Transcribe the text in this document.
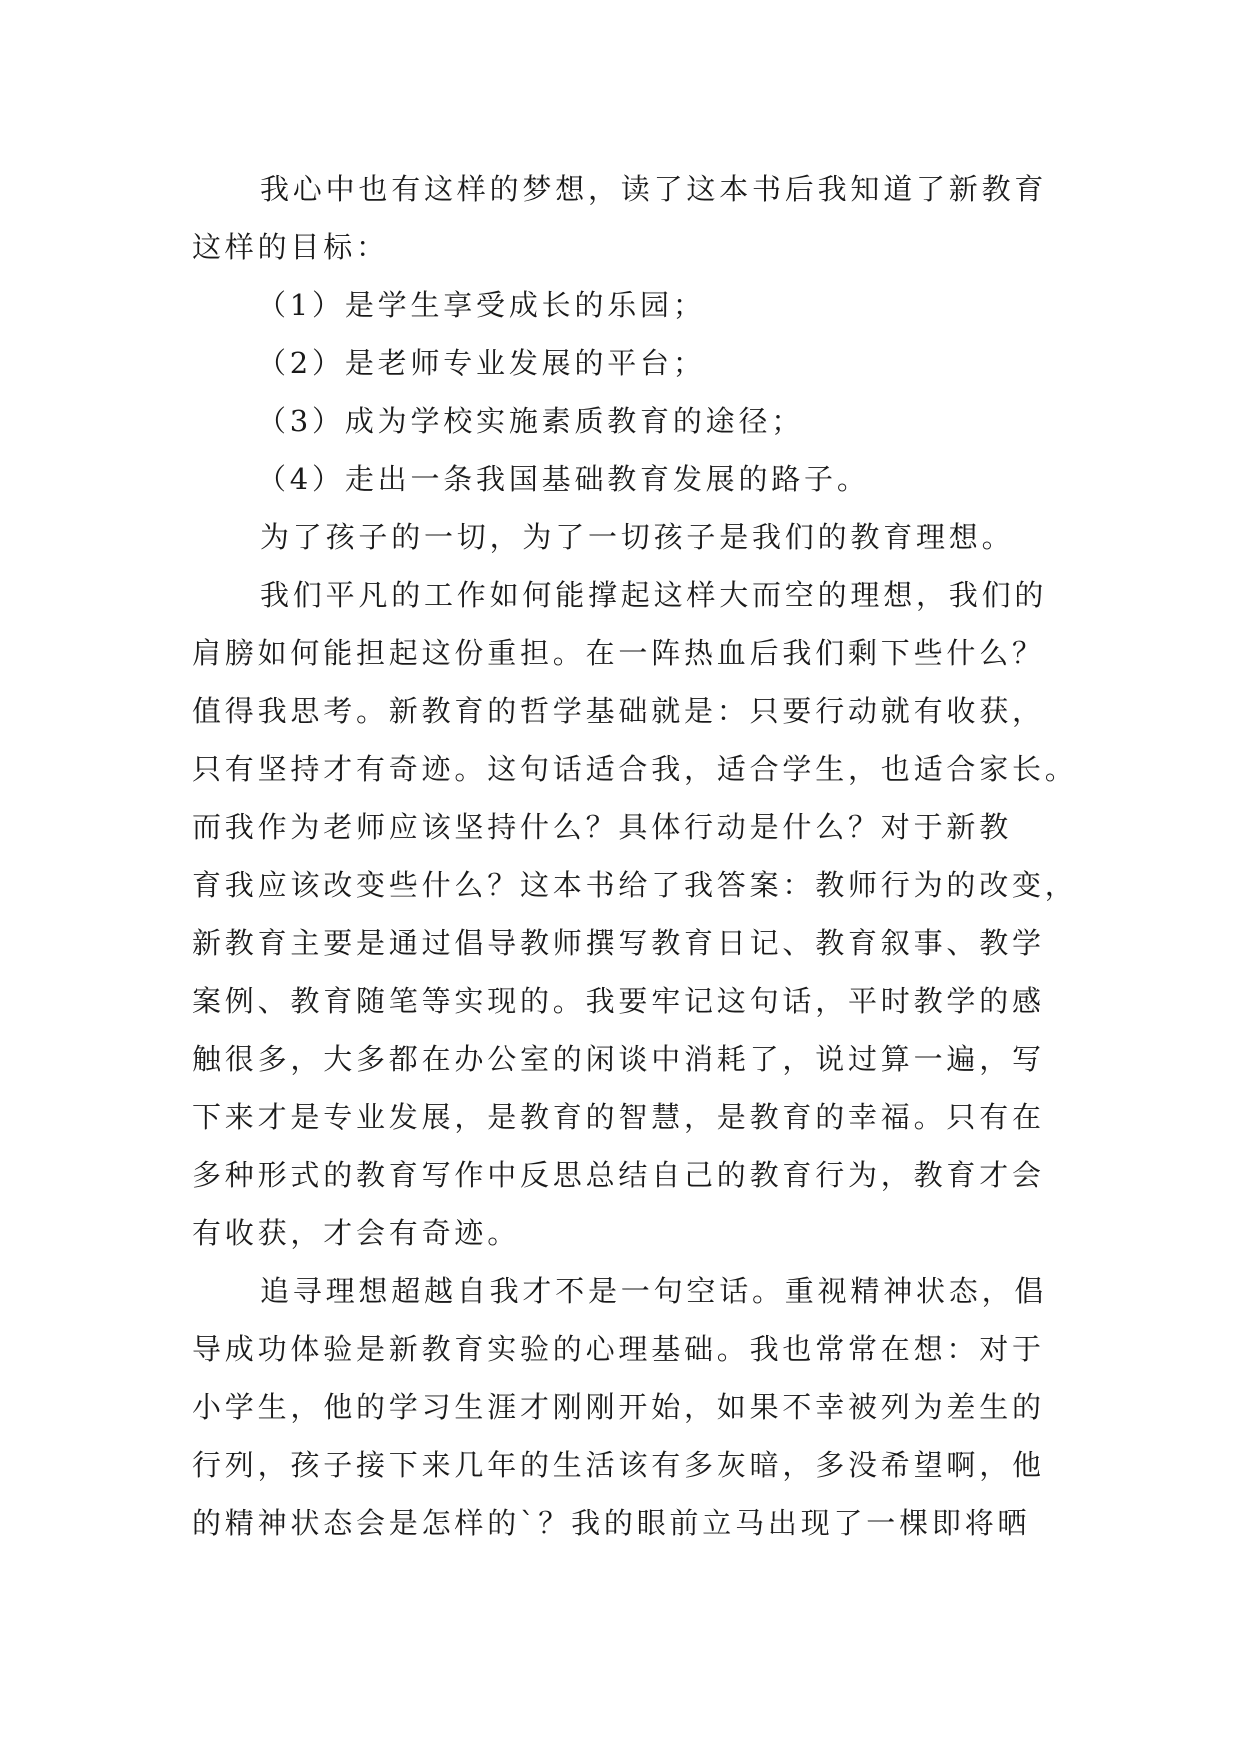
我心中也有这样的梦想，读了这本书后我知道了新教育
这样的目标：
（1）是学生享受成长的乐园；
（2）是老师专业发展的平台；
（3）成为学校实施素质教育的途径；
（4）走出一条我国基础教育发展的路子。
为了孩子的一切，为了一切孩子是我们的教育理想。
我们平凡的工作如何能撑起这样大而空的理想，我们的
肩膀如何能担起这份重担。在一阵热血后我们剩下些什么？
值得我思考。新教育的哲学基础就是：只要行动就有收获，
只有坚持才有奇迹。这句话适合我，适合学生，也适合家长。
而我作为老师应该坚持什么？具体行动是什么？对于新教
育我应该改变些什么？这本书给了我答案：教师行为的改变，
新教育主要是通过倡导教师撰写教育日记、教育叙事、教学
案例、教育随笔等实现的。我要牢记这句话，平时教学的感
触很多，大多都在办公室的闲谈中消耗了，说过算一遍，写
下来才是专业发展，是教育的智慧，是教育的幸福。只有在
多种形式的教育写作中反思总结自己的教育行为，教育才会
有收获，才会有奇迹。
追寻理想超越自我才不是一句空话。重视精神状态，倡
导成功体验是新教育实验的心理基础。我也常常在想：对于
小学生，他的学习生涯才刚刚开始，如果不幸被列为差生的
行列，孩子接下来几年的生活该有多灰暗，多没希望啊，他
的精神状态会是怎样的`？我的眼前立马出现了一棵即将晒
